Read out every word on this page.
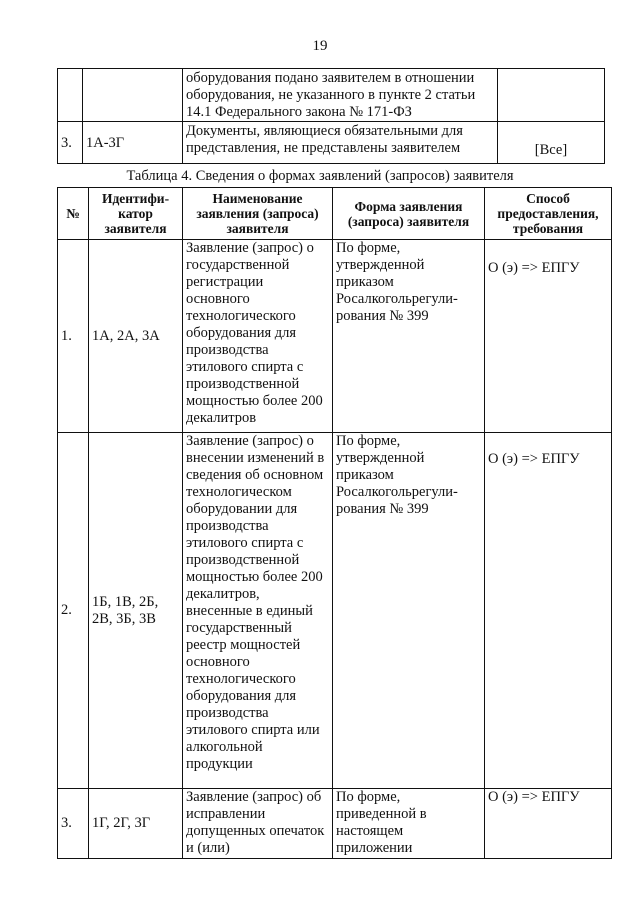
19
		оборудования подано заявителем в отношении оборудования, не указанного в пункте 2 статьи 14.1 Федерального закона № 171-ФЗ	
3.	1А-3Г	Документы, являющиеся обязательными для представления, не представлены заявителем	[Все]
Таблица 4. Сведения о формах заявлений (запросов) заявителя
№	Идентифи-катор заявителя	Наименование заявления (запроса) заявителя	Форма заявления (запроса) заявителя	Способ предоставления, требования
1.	1А, 2А, 3А	Заявление (запрос) о государственной регистрации основного технологического оборудования для производства этилового спирта с производственной мощностью более 200 декалитров	По форме, утвержденной приказом Росалкогольрегули-рования № 399	О (э) => ЕПГУ
2.	1Б, 1В, 2Б, 2В, 3Б, 3В	Заявление (запрос) о внесении изменений в сведения об основном технологическом оборудовании для производства этилового спирта с производственной мощностью более 200 декалитров, внесенные в единый государственный реестр мощностей основного технологического оборудования для производства этилового спирта или алкогольной продукции	По форме, утвержденной приказом Росалкогольрегули-рования № 399	О (э) => ЕПГУ
3.	1Г, 2Г, 3Г	Заявление (запрос) об исправлении допущенных опечаток и (или)	По форме, приведенной в настоящем приложении	О (э) => ЕПГУ
